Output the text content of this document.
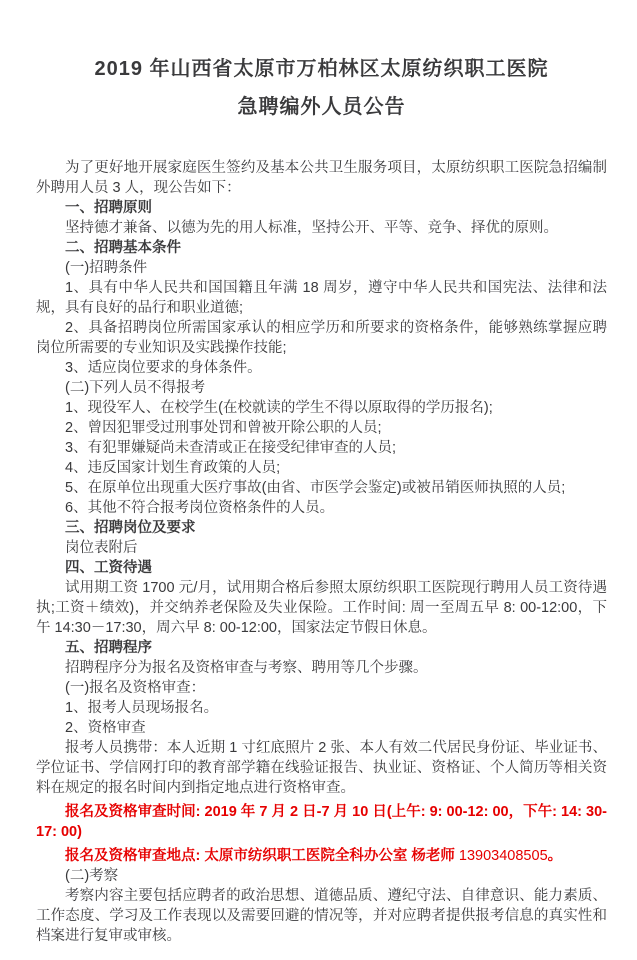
2019 年山西省太原市万柏林区太原纺织职工医院
急聘编外人员公告

为了更好地开展家庭医生签约及基本公共卫生服务项目，太原纺织职工医院急招编制外聘用人员 3 人，现公告如下：

一、招聘原则

坚持德才兼备、以德为先的用人标准，坚持公开、平等、竞争、择优的原则。

二、招聘基本条件

(一)招聘条件

1、具有中华人民共和国国籍且年满 18 周岁，遵守中华人民共和国宪法、法律和法规，具有良好的品行和职业道德;

2、具备招聘岗位所需国家承认的相应学历和所要求的资格条件，能够熟练掌握应聘岗位所需要的专业知识及实践操作技能;

3、适应岗位要求的身体条件。

(二)下列人员不得报考

1、现役军人、在校学生(在校就读的学生不得以原取得的学历报名);

2、曾因犯罪受过刑事处罚和曾被开除公职的人员;

3、有犯罪嫌疑尚未查清或正在接受纪律审查的人员;

4、违反国家计划生育政策的人员;

5、在原单位出现重大医疗事故(由省、市医学会鉴定)或被吊销医师执照的人员;

6、其他不符合报考岗位资格条件的人员。

三、招聘岗位及要求

岗位表附后

四、工资待遇

试用期工资 1700 元/月，试用期合格后参照太原纺织职工医院现行聘用人员工资待遇执;工资＋绩效)，并交纳养老保险及失业保险。工作时间: 周一至周五早 8: 00-12:00，下午 14:30－17:30，周六早 8: 00-12:00，国家法定节假日休息。

五、招聘程序

招聘程序分为报名及资格审查与考察、聘用等几个步骤。

(一)报名及资格审查：

1、报考人员现场报名。

2、资格审查

报考人员携带：本人近期 1 寸红底照片 2 张、本人有效二代居民身份证、毕业证书、学位证书、学信网打印的教育部学籍在线验证报告、执业证、资格证、个人简历等相关资料在规定的报名时间内到指定地点进行资格审查。

报名及资格审查时间: 2019 年 7 月 2 日-7 月 10 日(上午: 9: 00-12: 00，下午: 14: 30-17: 00)

报名及资格审查地点: 太原市纺织职工医院全科办公室 杨老师 13903408505。

(二)考察

考察内容主要包括应聘者的政治思想、道德品质、遵纪守法、自律意识、能力素质、工作态度、学习及工作表现以及需要回避的情况等，并对应聘者提供报考信息的真实性和档案进行复审或审核。
